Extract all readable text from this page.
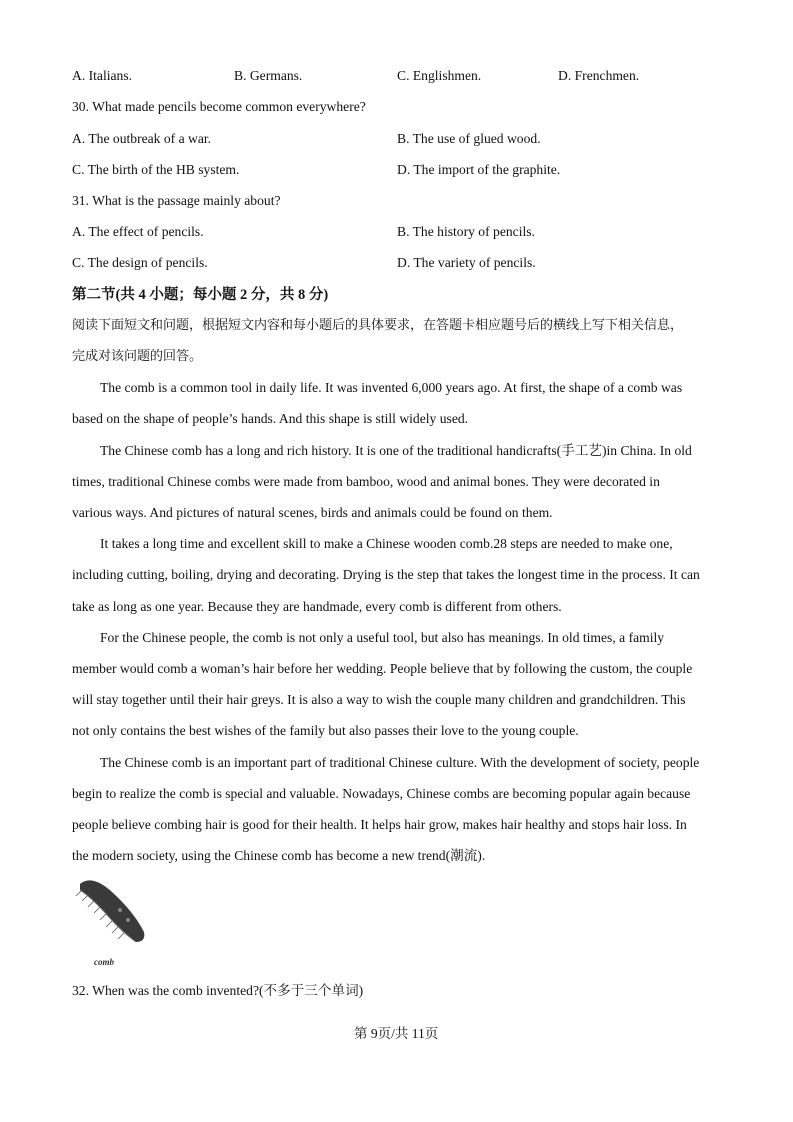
A. Italians.	B. Germans.	C. Englishmen.	D. Frenchmen.
30. What made pencils become common everywhere?
A. The outbreak of a war.	B. The use of glued wood.
C. The birth of the HB system.	D. The import of the graphite.
31. What is the passage mainly about?
A. The effect of pencils.	B. The history of pencils.
C. The design of pencils.	D. The variety of pencils.
第二节(共 4 小题；每小题 2 分，共 8 分)
阅读下面短文和问题，根据短文内容和每小题后的具体要求，在答题卡相应题号后的横线上写下相关信息，
完成对该问题的回答。
The comb is a common tool in daily life. It was invented 6,000 years ago. At first, the shape of a comb was
based on the shape of people’s hands. And this shape is still widely used.
The Chinese comb has a long and rich history. It is one of the traditional handicrafts(手工艺)in China. In old
times, traditional Chinese combs were made from bamboo, wood and animal bones. They were decorated in
various ways. And pictures of natural scenes, birds and animals could be found on them.
It takes a long time and excellent skill to make a Chinese wooden comb.28 steps are needed to make one,
including cutting, boiling, drying and decorating. Drying is the step that takes the longest time in the process. It can
take as long as one year. Because they are handmade, every comb is different from others.
For the Chinese people, the comb is not only a useful tool, but also has meanings. In old times, a family
member would comb a woman’s hair before her wedding. People believe that by following the custom, the couple
will stay together until their hair greys. It is also a way to wish the couple many children and grandchildren. This
not only contains the best wishes of the family but also passes their love to the young couple.
The Chinese comb is an important part of traditional Chinese culture. With the development of society, people
begin to realize the comb is special and valuable. Nowadays, Chinese combs are becoming popular again because
people believe combing hair is good for their health. It helps hair grow, makes hair healthy and stops hair loss. In
the modern society, using the Chinese comb has become a new trend(潮流).
comb
32. When was the comb invented?(不多于三个单词)
第 9页/共 11页
